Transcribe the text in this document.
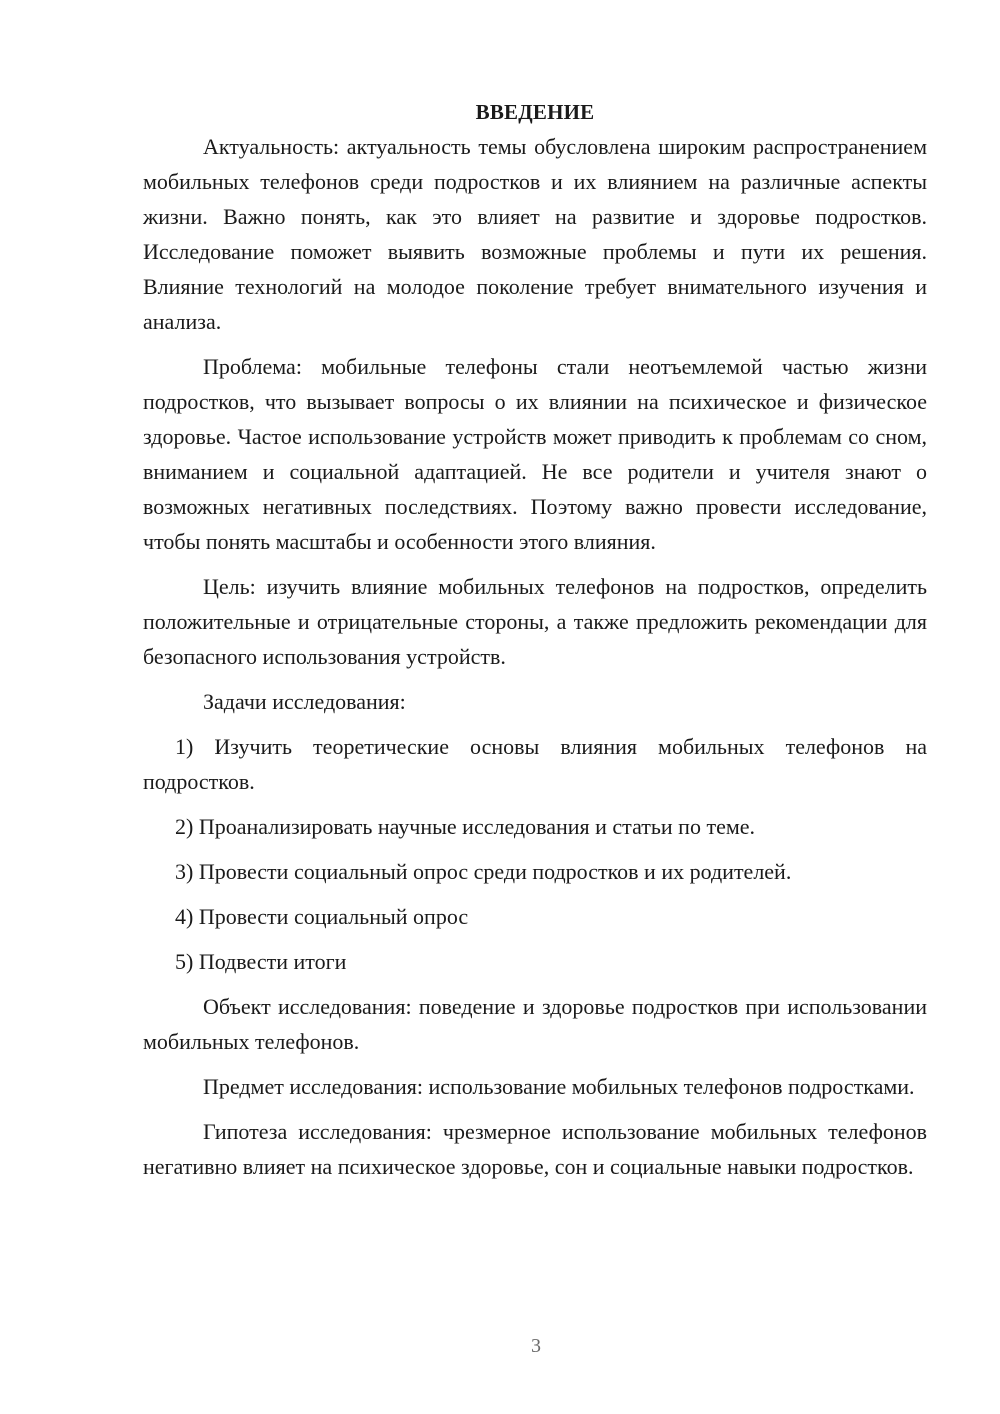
ВВЕДЕНИЕ

Актуальность: актуальность темы обусловлена широким распространением мобильных телефонов среди подростков и их влиянием на различные аспекты жизни. Важно понять, как это влияет на развитие и здоровье подростков. Исследование поможет выявить возможные проблемы и пути их решения. Влияние технологий на молодое поколение требует внимательного изучения и анализа.

Проблема: мобильные телефоны стали неотъемлемой частью жизни подростков, что вызывает вопросы о их влиянии на психическое и физическое здоровье. Частое использование устройств может приводить к проблемам со сном, вниманием и социальной адаптацией. Не все родители и учителя знают о возможных негативных последствиях. Поэтому важно провести исследование, чтобы понять масштабы и особенности этого влияния.

Цель: изучить влияние мобильных телефонов на подростков, определить положительные и отрицательные стороны, а также предложить рекомендации для безопасного использования устройств.

Задачи исследования:

1) Изучить теоретические основы влияния мобильных телефонов на подростков.

2) Проанализировать научные исследования и статьи по теме.

3) Провести социальный опрос среди подростков и их родителей.

4) Провести социальный опрос

5) Подвести итоги

Объект исследования: поведение и здоровье подростков при использовании мобильных телефонов.

Предмет исследования: использование мобильных телефонов подростками.

Гипотеза исследования: чрезмерное использование мобильных телефонов негативно влияет на психическое здоровье, сон и социальные навыки подростков.

3
